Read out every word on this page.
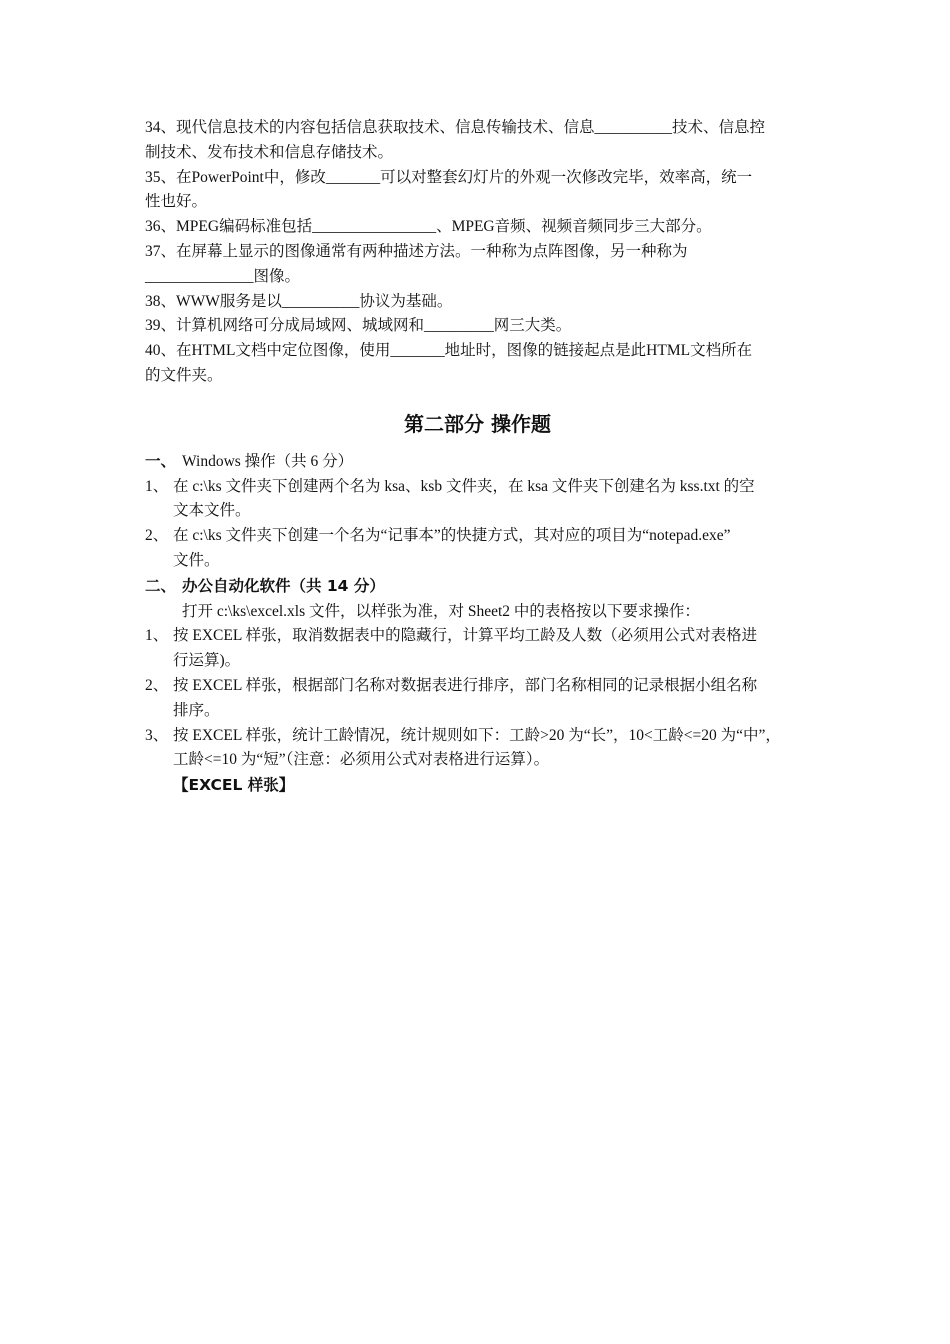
34、现代信息技术的内容包括信息获取技术、信息传输技术、信息__________技术、信息控
制技术、发布技术和信息存储技术。
35、在PowerPoint中，修改_______可以对整套幻灯片的外观一次修改完毕，效率高，统一
性也好。
36、MPEG编码标准包括________________、MPEG音频、视频音频同步三大部分。
37、在屏幕上显示的图像通常有两种描述方法。一种称为点阵图像，另一种称为
______________图像。
38、WWW服务是以__________协议为基础。
39、计算机网络可分成局域网、城域网和_________网三大类。
40、在HTML文档中定位图像，使用_______地址时，图像的链接起点是此HTML文档所在
的文件夹。
第二部分 操作题
一、 Windows 操作（共 6 分）
1、 在 c:\ks 文件夹下创建两个名为 ksa、ksb 文件夹，在 ksa 文件夹下创建名为 kss.txt 的空
文本文件。
2、 在 c:\ks 文件夹下创建一个名为“记事本”的快捷方式，其对应的项目为“notepad.exe”
文件。
二、 办公自动化软件（共 14 分）
打开 c:\ks\excel.xls 文件，以样张为准，对 Sheet2 中的表格按以下要求操作：
1、 按 EXCEL 样张，取消数据表中的隐藏行，计算平均工龄及人数（必须用公式对表格进
行运算)。
2、 按 EXCEL 样张，根据部门名称对数据表进行排序，部门名称相同的记录根据小组名称
排序。
3、 按 EXCEL 样张，统计工龄情况，统计规则如下：工龄>20 为“长”，10<工龄<=20 为“中”，
工龄<=10 为“短”（注意：必须用公式对表格进行运算）。
【EXCEL 样张】
